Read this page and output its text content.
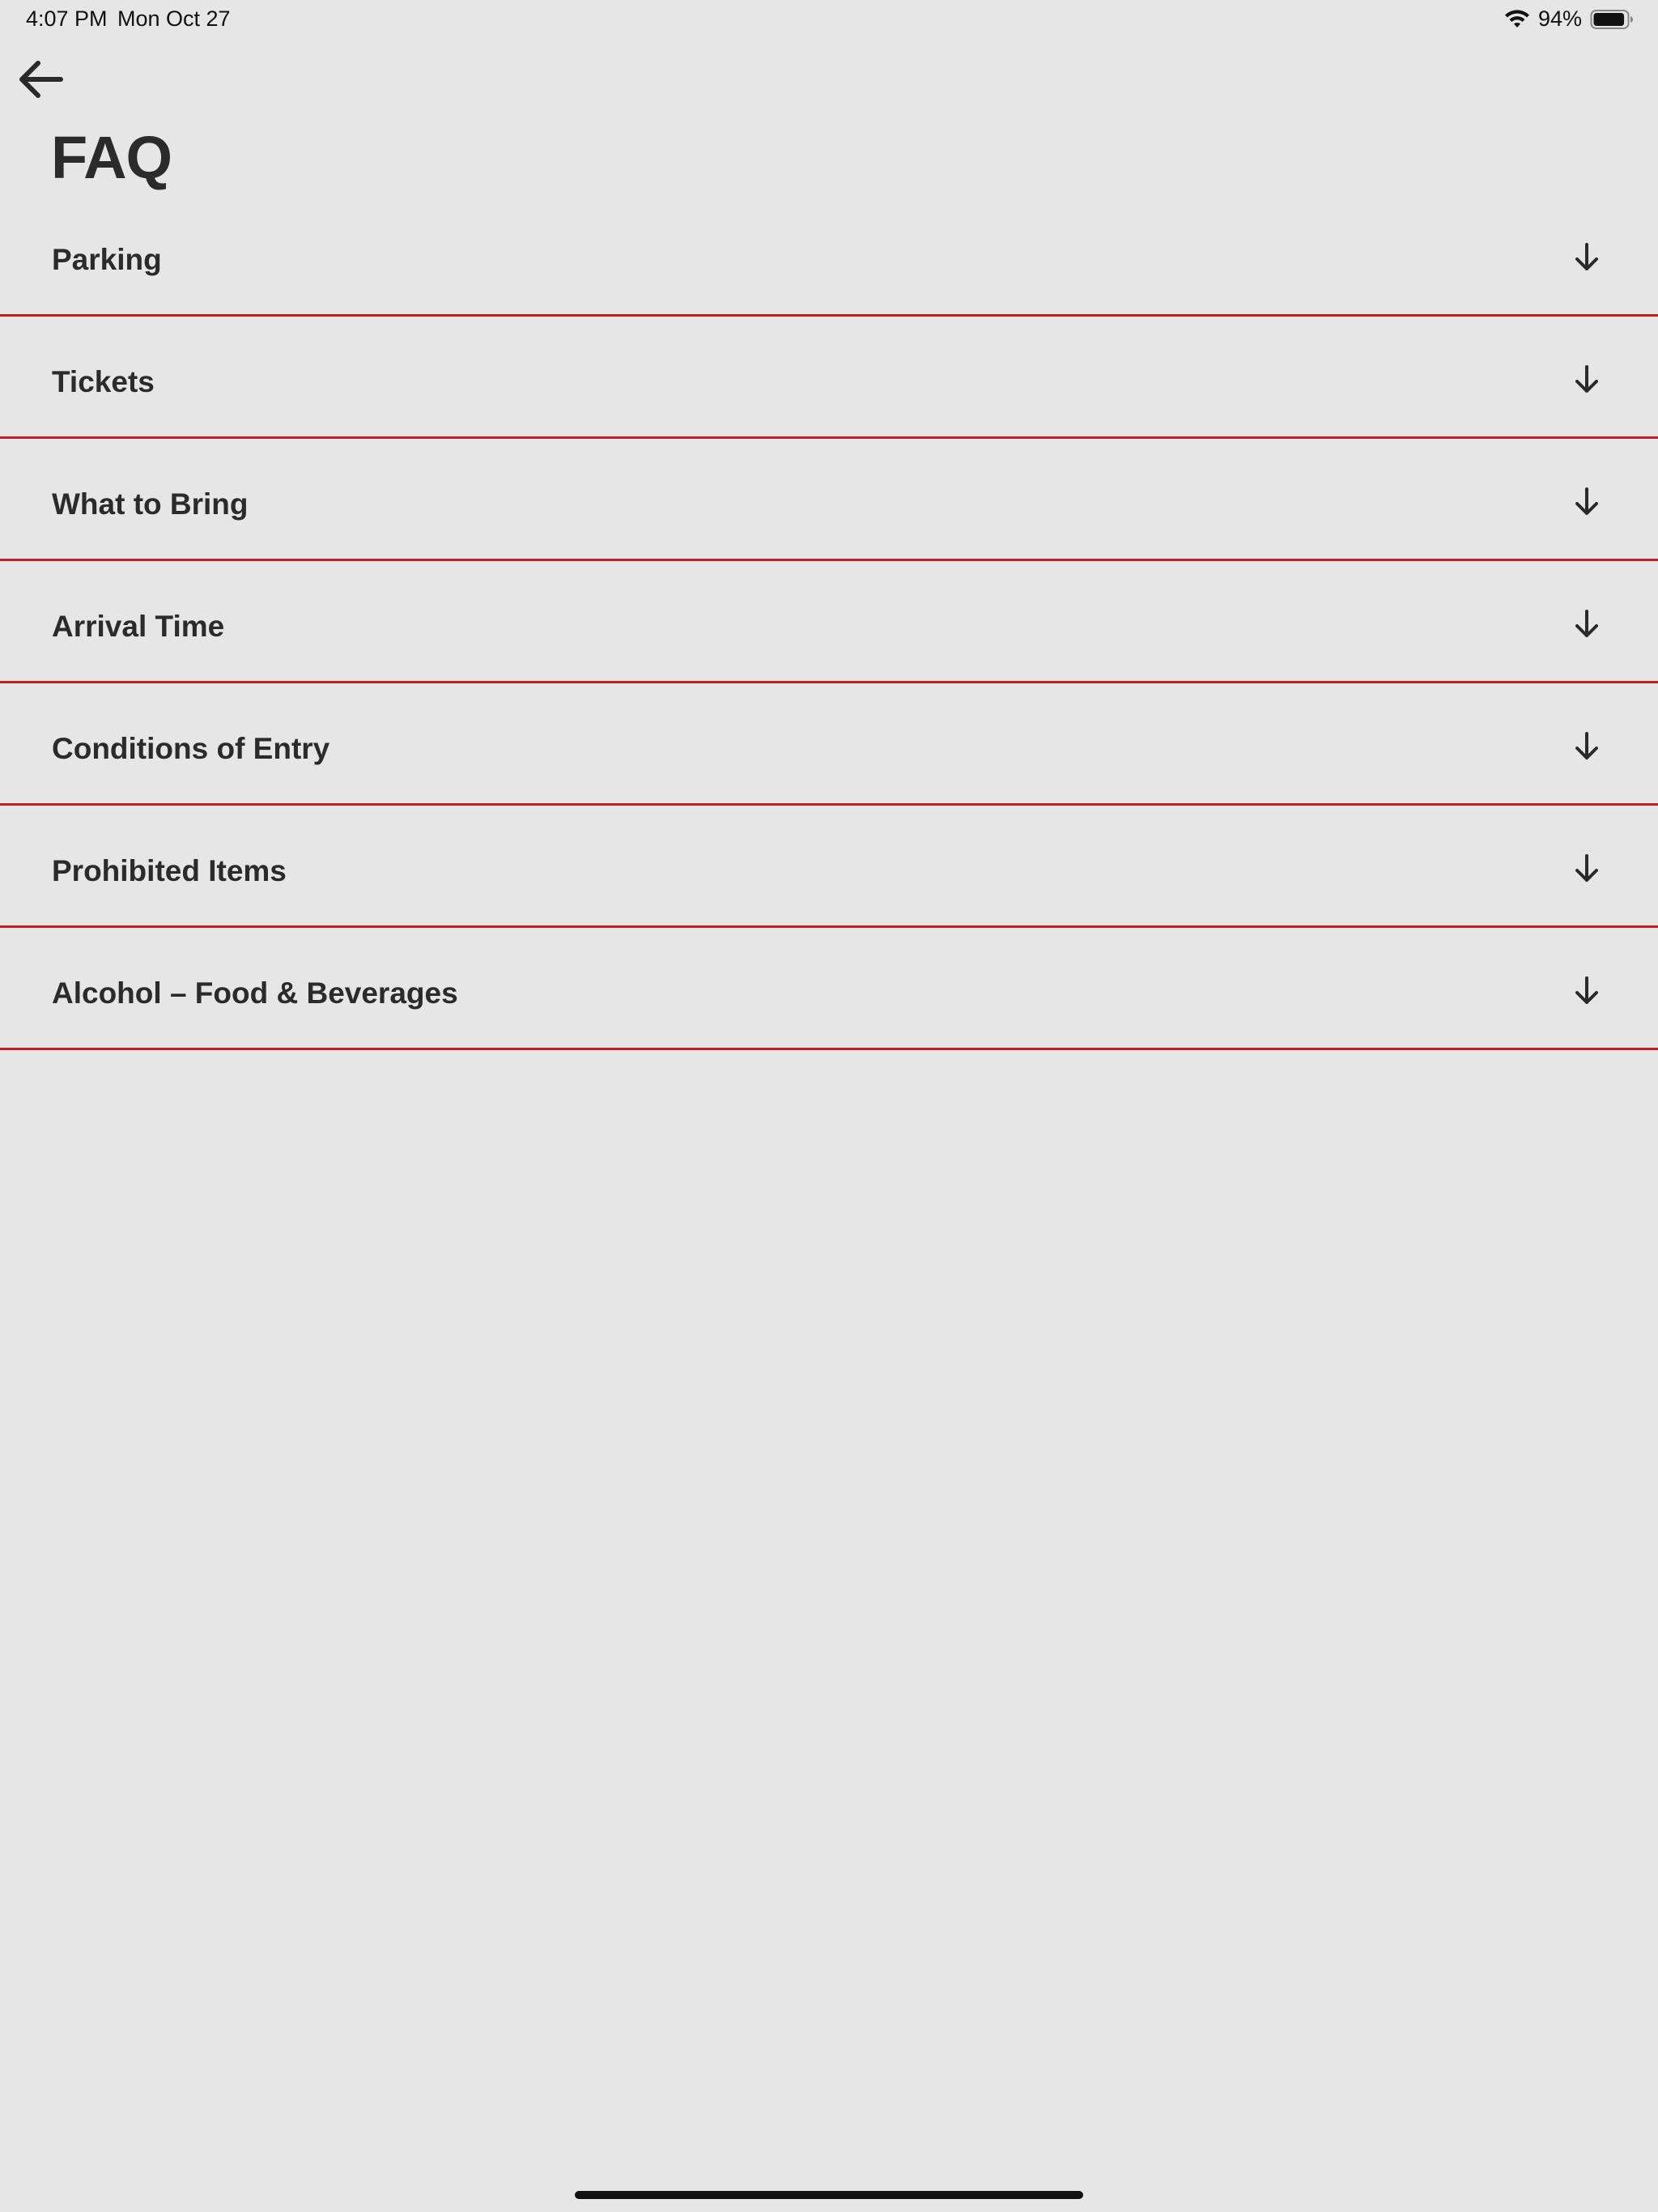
4:07 PM Mon Oct 27	94%
FAQ
Parking
Tickets
What to Bring
Arrival Time
Conditions of Entry
Prohibited Items
Alcohol – Food & Beverages
